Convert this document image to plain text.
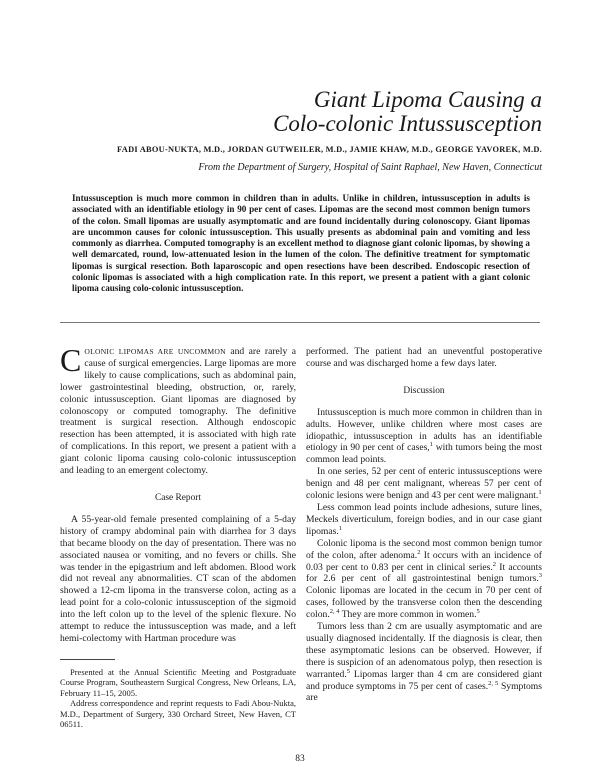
Giant Lipoma Causing a
Colo-colonic Intussusception
FADI ABOU-NUKTA, M.D., JORDAN GUTWEILER, M.D., JAMIE KHAW, M.D., GEORGE YAVOREK, M.D.
From the Department of Surgery, Hospital of Saint Raphael, New Haven, Connecticut

Intussusception is much more common in children than in adults. Unlike in children, intussusception in adults is associated with an identifiable etiology in 90 per cent of cases. Lipomas are the second most common benign tumors of the colon. Small lipomas are usually asymptomatic and are found incidentally during colonoscopy. Giant lipomas are uncommon causes for colonic intussusception. This usually presents as abdominal pain and vomiting and less commonly as diarrhea. Computed tomography is an excellent method to diagnose giant colonic lipomas, by showing a well demarcated, round, low-attenuated lesion in the lumen of the colon. The definitive treatment for symptomatic lipomas is surgical resection. Both laparoscopic and open resections have been described. Endoscopic resection of colonic lipomas is associated with a high complication rate. In this report, we present a patient with a giant colonic lipoma causing colo-colonic intussusception.

COLONIC LIPOMAS ARE UNCOMMON and are rarely a cause of surgical emergencies. Large lipomas are more likely to cause complications, such as abdominal pain, lower gastrointestinal bleeding, obstruction, or, rarely, colonic intussusception. Giant lipomas are diagnosed by colonoscopy or computed tomography. The definitive treatment is surgical resection. Although endoscopic resection has been attempted, it is associated with high rate of complications. In this report, we present a patient with a giant colonic lipoma causing colo-colonic intussusception and leading to an emergent colectomy.

Case Report

A 55-year-old female presented complaining of a 5-day history of crampy abdominal pain with diarrhea for 3 days that became bloody on the day of presentation. There was no associated nausea or vomiting, and no fevers or chills. She was tender in the epigastrium and left abdomen. Blood work did not reveal any abnormalities. CT scan of the abdomen showed a 12-cm lipoma in the transverse colon, acting as a lead point for a colo-colonic intussusception of the sigmoid into the left colon up to the level of the splenic flexure. No attempt to reduce the intussusception was made, and a left hemi-colectomy with Hartman procedure was

performed. The patient had an uneventful postoperative course and was discharged home a few days later.

Discussion

Intussusception is much more common in children than in adults. However, unlike children where most cases are idiopathic, intussusception in adults has an identifiable etiology in 90 per cent of cases,$^1$ with tumors being the most common lead points.

In one series, 52 per cent of enteric intussusceptions were benign and 48 per cent malignant, whereas 57 per cent of colonic lesions were benign and 43 per cent were malignant.$^1$

Less common lead points include adhesions, suture lines, Meckels diverticulum, foreign bodies, and in our case giant lipomas.$^1$

Colonic lipoma is the second most common benign tumor of the colon, after adenoma.$^2$ It occurs with an incidence of 0.03 per cent to 0.83 per cent in clinical series.$^2$ It accounts for 2.6 per cent of all gastrointestinal benign tumors.$^3$ Colonic lipomas are located in the cecum in 70 per cent of cases, followed by the transverse colon then the descending colon.$^{2, 4}$ They are more common in women.$^5$

Tumors less than 2 cm are usually asymptomatic and are usually diagnosed incidentally. If the diagnosis is clear, then these asymptomatic lesions can be observed. However, if there is suspicion of an adenomatous polyp, then resection is warranted.$^5$ Lipomas larger than 4 cm are considered giant and produce symptoms in 75 per cent of cases.$^{2, 5}$ Symptoms are

Presented at the Annual Scientific Meeting and Postgraduate Course Program, Southeastern Surgical Congress, New Orleans, LA, February 11–15, 2005.

Address correspondence and reprint requests to Fadi Abou-Nukta, M.D., Department of Surgery, 330 Orchard Street, New Haven, CT 06511.

83
